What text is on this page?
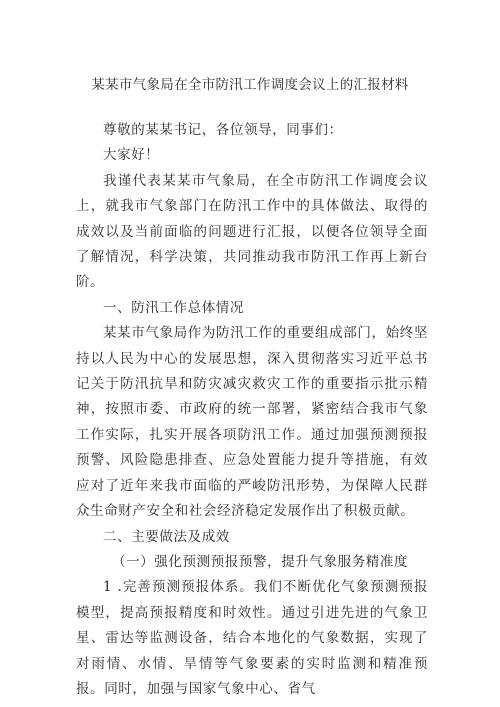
某某市气象局在全市防汛工作调度会议上的汇报材料

尊敬的某某书记，各位领导，同事们：

大家好！

我谨代表某某市气象局，在全市防汛工作调度会议上，就我市气象部门在防汛工作中的具体做法、取得的成效以及当前面临的问题进行汇报，以便各位领导全面了解情况，科学决策，共同推动我市防汛工作再上新台阶。

一、防汛工作总体情况

某某市气象局作为防汛工作的重要组成部门，始终坚持以人民为中心的发展思想，深入贯彻落实习近平总书记关于防汛抗旱和防灾减灾救灾工作的重要指示批示精神，按照市委、市政府的统一部署，紧密结合我市气象工作实际，扎实开展各项防汛工作。通过加强预测预报预警、风险隐患排查、应急处置能力提升等措施，有效应对了近年来我市面临的严峻防汛形势，为保障人民群众生命财产安全和社会经济稳定发展作出了积极贡献。

二、主要做法及成效

（一）强化预测预报预警，提升气象服务精准度

1 .完善预测预报体系。我们不断优化气象预测预报模型，提高预报精度和时效性。通过引进先进的气象卫星、雷达等监测设备，结合本地化的气象数据，实现了对雨情、水情、旱情等气象要素的实时监测和精准预报。同时，加强与国家气象中心、省气
